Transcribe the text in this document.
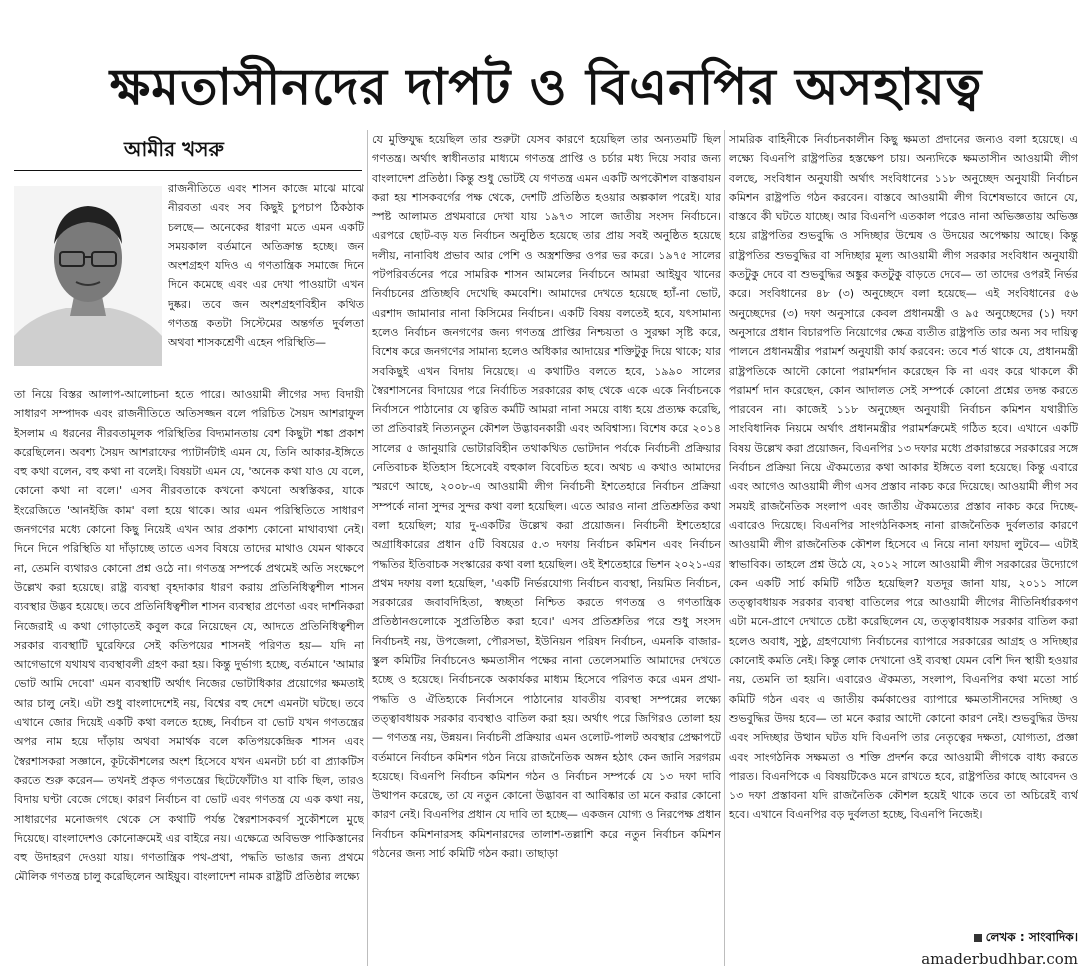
ক্ষমতাসীনদের দাপট ও বিএনপির অসহায়ত্ব
আমীর খসরু

রাজনীতিতে এবং শাসন কাজে মাঝে মাঝে নীরবতা এবং সব কিছুই চুপচাপ ঠিকঠাক চলছে— অনেকের ধারণা মতে এমন একটি সময়কাল বর্তমানে অতিক্রান্ত হচ্ছে। জন অংশগ্রহণ যদিও এ গণতান্ত্রিক সমাজে দিনে দিনে কমেছে এবং এর দেখা পাওয়াটা এখন দুষ্কর। তবে জন অংশগ্রহণবিহীন কথিত গণতন্ত্র কতটা সিস্টেমের অন্তর্গত দুর্বলতা অথবা শাসকশ্রেণী এহেন পরিস্থিতি—

তা নিয়ে বিস্তর আলাপ-আলোচনা হতে পারে। আওয়ামী লীগের সদ্য বিদায়ী সাধারণ সম্পাদক এবং রাজনীতিতে অতিসজ্জন বলে পরিচিত সৈয়দ আশরাফুল ইসলাম এ ধরনের নীরবতামূলক পরিস্থিতির বিদ্যমানতায় বেশ কিছুটা শঙ্কা প্রকাশ করেছিলেন। অবশ্য সৈয়দ আশরাফের প্যাটার্নটাই এমন যে, তিনি আকার-ইঙ্গিতে বহু কথা বলেন, বহু কথা না বলেই। বিষয়টা এমন যে, 'অনেক কথা যাও যে বলে, কোনো কথা না বলে।' এসব নীরবতাকে কখনো কখনো অস্বস্তিকর, যাকে ইংরেজিতে 'আনইজি কাম' বলা হয়ে থাকে। আর এমন পরিস্থিতিতে সাধারণ জনগণের মধ্যে কোনো কিছু নিয়েই এখন আর প্রকাশ্য কোনো মাথাব্যথা নেই। দিনে দিনে পরিস্থিতি যা দাঁড়াচ্ছে তাতে এসব বিষয়ে তাদের মাথাও যেমন থাকবে না, তেমনি ব্যথারও কোনো প্রশ্ন ওঠে না। গণতন্ত্র সম্পর্কে প্রথমেই অতি সংক্ষেপে উল্লেখ করা হয়েছে। রাষ্ট্র ব্যবস্থা বৃহদাকার ধারণ করায় প্রতিনিধিত্বশীল শাসন ব্যবস্থার উদ্ভব হয়েছে। তবে প্রতিনিধিত্বশীল শাসন ব্যবস্থার প্রণেতা এবং দার্শনিকরা নিজেরাই এ কথা গোড়াতেই কবুল করে নিয়েছেন যে, আদতে প্রতিনিধিত্বশীল সরকার ব্যবস্থাটি ঘুরেফিরে সেই কতিপয়ের শাসনই পরিণত হয়— যদি না আগেভাগে যথাযথ ব্যবস্থাবলী গ্রহণ করা হয়। কিন্তু দুর্ভাগ্য হচ্ছে, বর্তমানে 'আমার ভোট আমি দেবো' এমন ব্যবস্থাটি অর্থাৎ নিজের ভোটাধিকার প্রয়োগের ক্ষমতাই আর চালু নেই। এটা শুধু বাংলাদেশেই নয়, বিশ্বের বহু দেশে এমনটা ঘটছে। তবে এখানে জোর দিয়েই একটি কথা বলতে হচ্ছে, নির্বাচন বা ভোট যখন গণতন্ত্রের অপর নাম হয়ে দাঁড়ায় অথবা সমার্থক বলে কতিপয়কেন্দ্রিক শাসন এবং স্বৈরশাসকরা সজ্ঞানে, কূটকৌশলের অংশ হিসেবে যখন এমনটা চর্চা বা প্র্যাকটিস করতে শুরু করেন— তখনই প্রকৃত গণতন্ত্রের ছিটেফোঁটাও যা বাকি ছিল, তারও বিদায় ঘণ্টা বেজে গেছে। কারণ নির্বাচন বা ভোট এবং গণতন্ত্র যে এক কথা নয়, সাধারণের মনোজগৎ থেকে সে কথাটি পর্যন্ত স্বৈরশাসকবর্গ সুকৌশলে মুছে দিয়েছে। বাংলাদেশও কোনোক্রমেই এর বাইরে নয়। এক্ষেত্রে অবিভক্ত পাকিস্তানের বহু উদাহরণ দেওয়া যায়। গণতান্ত্রিক পথ-প্রথা, পদ্ধতি ভাঙার জন্য প্রথমে মৌলিক গণতন্ত্র চালু করেছিলেন আইয়ুব। বাংলাদেশ নামক রাষ্ট্রটি প্রতিষ্ঠার লক্ষ্যে

যে মুক্তিযুদ্ধ হয়েছিল তার শুরুটা যেসব কারণে হয়েছিল তার অন্যতমটি ছিল গণতন্ত্র। অর্থাৎ স্বাধীনতার মাধ্যমে গণতন্ত্র প্রাপ্তি ও চর্চার মধ্য দিয়ে সবার জন্য বাংলাদেশ প্রতিষ্ঠা। কিন্তু শুধু ভোটই যে গণতন্ত্র এমন একটি অপকৌশল বাস্তবায়ন করা হয় শাসকবর্গের পক্ষ থেকে, দেশটি প্রতিষ্ঠিত হওয়ার অল্পকাল পরেই। যার স্পষ্ট আলামত প্রথমবারে দেখা যায় ১৯৭৩ সালে জাতীয় সংসদ নির্বাচনে। এরপরে ছোট-বড় যত নির্বাচন অনুষ্ঠিত হয়েছে তার প্রায় সবই অনুষ্ঠিত হয়েছে দলীয়, নানাবিধ প্রভাব আর পেশি ও অস্ত্রশক্তির ওপর ভর করে। ১৯৭৫ সালের পটপরিবর্তনের পরে সামরিক শাসন আমলের নির্বাচনে আমরা আইয়ুব খানের নির্বাচনের প্রতিচ্ছবি দেখেছি কমবেশি। আমাদের দেখতে হয়েছে হ্যাঁ-না ভোট, এরশাদ জামানার নানা কিসিমের নির্বাচন। একটি বিষয় বলতেই হবে, যৎসামান্য হলেও নির্বাচন জনগণের জন্য গণতন্ত্র প্রাপ্তির নিশ্চয়তা ও সুরক্ষা সৃষ্টি করে, বিশেষ করে জনগণের সামান্য হলেও অধিকার আদায়ের শক্তিটুকু দিয়ে থাকে; যার সবকিছুই এখন বিদায় নিয়েছে। এ কথাটিও বলতে হবে, ১৯৯০ সালের স্বৈরশাসনের বিদায়ের পরে নির্বাচিত সরকারের কাছ থেকে একে একে নির্বাচনকে নির্বাসনে পাঠানোর যে ত্বরিত কর্মটি আমরা নানা সময়ে বাধ্য হয়ে প্রত্যক্ষ করেছি, তা প্রতিবারই নিত্যনতুন কৌশল উদ্ভাবনকারী এবং অবিশ্বাস্য। বিশেষ করে ২০১৪ সালের ৫ জানুয়ারি ভোটারবিহীন তথাকথিত ভোটদান পর্বকে নির্বাচনী প্রক্রিয়ার নেতিবাচক ইতিহাস হিসেবেই বহুকাল বিবেচিত হবে। অথচ এ কথাও আমাদের স্মরণে আছে, ২০০৮-এ আওয়ামী লীগ নির্বাচনী ইশতেহারে নির্বাচন প্রক্রিয়া সম্পর্কে নানা সুন্দর সুন্দর কথা বলা হয়েছিল। এতে আরও নানা প্রতিশ্রুতির কথা বলা হয়েছিল; যার দু-একটির উল্লেখ করা প্রয়োজন। নির্বাচনী ইশতেহারে অগ্রাধিকারের প্রধান ৫টি বিষয়ের ৫.৩ দফায় নির্বাচন কমিশন এবং নির্বাচন পদ্ধতির ইতিবাচক সংস্কারের কথা বলা হয়েছিল। ওই ইশতেহারে ভিশন ২০২১-এর প্রথম দফায় বলা হয়েছিল, 'একটি নির্ভরযোগ্য নির্বাচন ব্যবস্থা, নিয়মিত নির্বাচন, সরকারের জবাবদিহিতা, স্বচ্ছতা নিশ্চিত করতে গণতন্ত্র ও গণতান্ত্রিক প্রতিষ্ঠানগুলোকে সুপ্রতিষ্ঠিত করা হবে।' এসব প্রতিশ্রুতির পরে শুধু সংসদ নির্বাচনই নয়, উপজেলা, পৌরসভা, ইউনিয়ন পরিষদ নির্বাচন, এমনকি বাজার-স্কুল কমিটির নির্বাচনেও ক্ষমতাসীন পক্ষের নানা তেলেসমাতি আমাদের দেখতে হচ্ছে ও হয়েছে। নির্বাচনকে অকার্যকর মাধ্যম হিসেবে পরিণত করে এমন প্রথা-পদ্ধতি ও ঐতিহ্যকে নির্বাসনে পাঠানোর যাবতীয় ব্যবস্থা সম্পন্নের লক্ষ্যে তত্ত্বাবধায়ক সরকার ব্যবস্থাও বাতিল করা হয়। অর্থাৎ পরে জিগিরও তোলা হয়— গণতন্ত্র নয়, উন্নয়ন। নির্বাচনী প্রক্রিয়ার এমন ওলোট-পালট অবস্থার প্রেক্ষাপটে বর্তমানে নির্বাচন কমিশন গঠন নিয়ে রাজনৈতিক অঙ্গন হঠাৎ কেন জানি সরগরম হয়েছে। বিএনপি নির্বাচন কমিশন গঠন ও নির্বাচন সম্পর্কে যে ১৩ দফা দাবি উত্থাপন করেছে, তা যে নতুন কোনো উদ্ভাবন বা আবিষ্কার তা মনে করার কোনো কারণ নেই। বিএনপির প্রধান যে দাবি তা হচ্ছে— একজন যোগ্য ও নিরপেক্ষ প্রধান নির্বাচন কমিশনারসহ কমিশনারদের তালাশ-তল্লাশি করে নতুন নির্বাচন কমিশন গঠনের জন্য সার্চ কমিটি গঠন করা। তাছাড়া

সামরিক বাহিনীকে নির্বাচনকালীন কিছু ক্ষমতা প্রদানের জন্যও বলা হয়েছে। এ লক্ষ্যে বিএনপি রাষ্ট্রপতির হস্তক্ষেপ চায়। অন্যদিকে ক্ষমতাসীন আওয়ামী লীগ বলছে, সংবিধান অনুযায়ী অর্থাৎ সংবিধানের ১১৮ অনুচ্ছেদ অনুযায়ী নির্বাচন কমিশন রাষ্ট্রপতি গঠন করবেন। বাস্তবে আওয়ামী লীগ বিশেষভাবে জানে যে, বাস্তবে কী ঘটতে যাচ্ছে। আর বিএনপি এতকাল পরেও নানা অভিজ্ঞতায় অভিজ্ঞ হয়ে রাষ্ট্রপতির শুভবুদ্ধি ও সদিচ্ছার উন্মেষ ও উদয়ের অপেক্ষায় আছে। কিন্তু রাষ্ট্রপতির শুভবুদ্ধির বা সদিচ্ছার মূল্য আওয়ামী লীগ সরকার সংবিধান অনুযায়ী কতটুকু দেবে বা শুভবুদ্ধির অঙ্কুর কতটুকু বাড়তে দেবে— তা তাদের ওপরই নির্ভর করে। সংবিধানের ৪৮ (৩) অনুচ্ছেদে বলা হয়েছে— এই সংবিধানের ৫৬ অনুচ্ছেদের (৩) দফা অনুসারে কেবল প্রধানমন্ত্রী ও ৯৫ অনুচ্ছেদের (১) দফা অনুসারে প্রধান বিচারপতি নিয়োগের ক্ষেত্র ব্যতীত রাষ্ট্রপতি তার অন্য সব দায়িত্ব পালনে প্রধানমন্ত্রীর পরামর্শ অনুযায়ী কার্য করবেন: তবে শর্ত থাকে যে, প্রধানমন্ত্রী রাষ্ট্রপতিকে আদৌ কোনো পরামর্শদান করেছেন কি না এবং করে থাকলে কী পরামর্শ দান করেছেন, কোন আদালত সেই সম্পর্কে কোনো প্রশ্নের তদন্ত করতে পারবেন না। কাজেই ১১৮ অনুচ্ছেদ অনুযায়ী নির্বাচন কমিশন যথারীতি সাংবিধানিক নিয়মে অর্থাৎ প্রধানমন্ত্রীর পরামর্শক্রমেই গঠিত হবে। এখানে একটি বিষয় উল্লেখ করা প্রয়োজন, বিএনপির ১৩ দফার মধ্যে প্রকারান্তরে সরকারের সঙ্গে নির্বাচন প্রক্রিয়া নিয়ে ঐকমত্যের কথা আকার ইঙ্গিতে বলা হয়েছে। কিন্তু এবারে এবং আগেও আওয়ামী লীগ এসব প্রস্তাব নাকচ করে দিয়েছে। আওয়ামী লীগ সব সময়ই রাজনৈতিক সংলাপ এবং জাতীয় ঐকমত্যের প্রস্তাব নাকচ করে দিচ্ছে-এবারেও দিয়েছে। বিএনপির সাংগঠনিকসহ নানা রাজনৈতিক দুর্বলতার কারণে আওয়ামী লীগ রাজনৈতিক কৌশল হিসেবে এ নিয়ে নানা ফায়দা লুটবে— এটাই স্বাভাবিক। তাহলে প্রশ্ন উঠে যে, ২০১২ সালে আওয়ামী লীগ সরকারের উদ্যোগে কেন একটি সার্চ কমিটি গঠিত হয়েছিল? যতদূর জানা যায়, ২০১১ সালে তত্ত্বাবধায়ক সরকার ব্যবস্থা বাতিলের পরে আওয়ামী লীগের নীতিনির্ধারকগণ এটা মনে-প্রাণে দেখাতে চেষ্টা করেছিলেন যে, তত্ত্বাবধায়ক সরকার বাতিল করা হলেও অবাধ, সুষ্ঠু, গ্রহণযোগ্য নির্বাচনের ব্যাপারে সরকারের আগ্রহ ও সদিচ্ছার কোনোই কমতি নেই। কিন্তু লোক দেখানো ওই ব্যবস্থা যেমন বেশি দিন স্থায়ী হওয়ার নয়, তেমনি তা হয়নি। এবারেও ঐকমত্য, সংলাপ, বিএনপির কথা মতো সার্চ কমিটি গঠন এবং এ জাতীয় কর্মকাণ্ডের ব্যাপারে ক্ষমতাসীনদের সদিচ্ছা ও শুভবুদ্ধির উদয় হবে— তা মনে করার আদৌ কোনো কারণ নেই। শুভবুদ্ধির উদয় এবং সদিচ্ছার উত্থান ঘটত যদি বিএনপি তার নেতৃত্বের দক্ষতা, যোগ্যতা, প্রজ্ঞা এবং সাংগঠনিক সক্ষমতা ও শক্তি প্রদর্শন করে আওয়ামী লীগকে বাধ্য করতে পারত। বিএনপিকে এ বিষয়টিকেও মনে রাখতে হবে, রাষ্ট্রপতির কাছে আবেদন ও ১৩ দফা প্রস্তাবনা যদি রাজনৈতিক কৌশল হয়েই থাকে তবে তা অচিরেই ব্যর্থ হবে। এখানে বিএনপির বড় দুর্বলতা হচ্ছে, বিএনপি নিজেই।

লেখক : সাংবাদিক।
amaderbudhbar.com
